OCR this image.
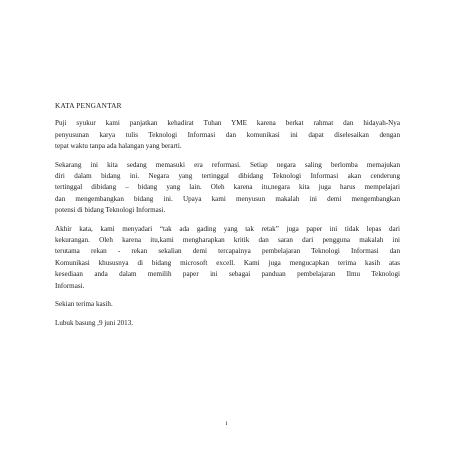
KATA PENGANTAR
Puji syukur kami panjatkan kehadirat Tuhan YME karena berkat rahmat dan hidayah-Nya
penyusunan karya tulis Teknologi Informasi dan komunikasi ini dapat diselesaikan dengan
tepat waktu tanpa ada halangan yang berarti.
Sekarang ini kita sedang memasuki era reformasi. Setiap negara saling berlomba memajukan
diri dalam bidang ini. Negara yang tertinggal dibidang Teknologi Informasi akan cenderung
tertinggal dibidang – bidang yang lain. Oleh karena itu,negara kita juga harus mempelajari
dan mengembangkan bidang ini. Upaya kami menyusun makalah ini demi mengembangkan
potensi di bidang Teknologi Informasi.
Akhir kata, kami menyadari “tak ada gading yang tak retak” juga paper ini tidak lepas dari
kekurangan. Oleh karena itu,kami mengharapkan kritik dan saran dari pengguna makalah ini
terutama rekan - rekan sekalian demi tercapainya pembelajaran Teknologi Informasi dan
Komunikasi khususnya di bidang microsoft excell. Kami juga mengucapkan terima kasih atas
kesediaan anda dalam memilih paper ini sebagai panduan pembelajaran Ilmu Teknologi
Informasi.
Sekian terima kasih.
Lubuk basung ,9 juni 2013.
i
